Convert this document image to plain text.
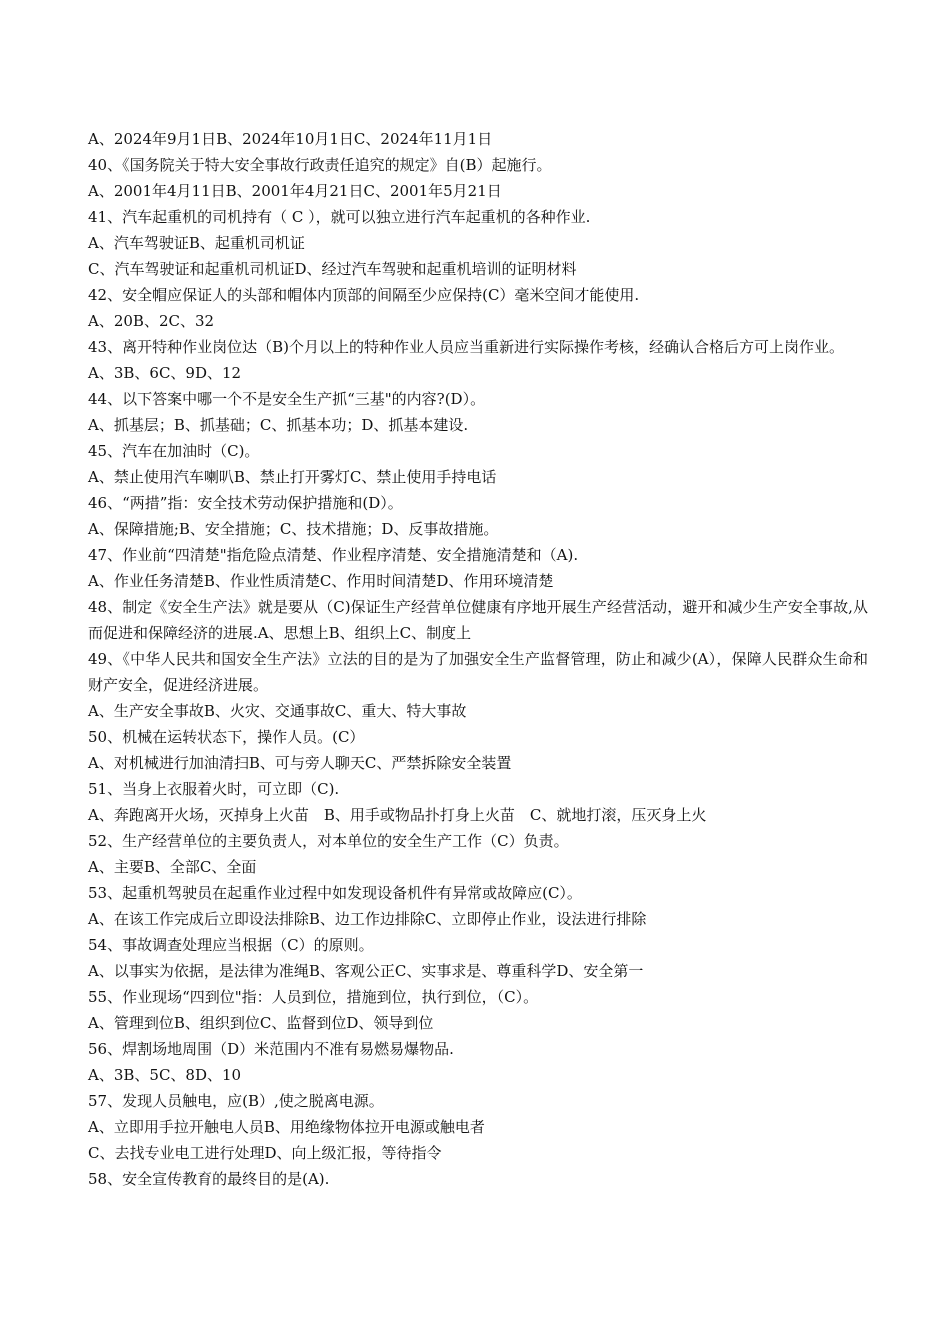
A、2024年9月1日B、2024年10月1日C、2024年11月1日

40、《国务院关于特大安全事故行政责任追究的规定》自(B）起施行。

A、2001年4月11日B、2001年4月21日C、2001年5月21日

41、汽车起重机的司机持有（ C ），就可以独立进行汽车起重机的各种作业.

A、汽车驾驶证B、起重机司机证

C、汽车驾驶证和起重机司机证D、经过汽车驾驶和起重机培训的证明材料

42、安全帽应保证人的头部和帽体内顶部的间隔至少应保持(C）毫米空间才能使用.

A、20B、2C、32

43、离开特种作业岗位达（B)个月以上的特种作业人员应当重新进行实际操作考核，经确认合格后方可上岗作业。

A、3B、6C、9D、12

44、以下答案中哪一个不是安全生产抓“三基"的内容?(D）。

A、抓基层；B、抓基础；C、抓基本功；D、抓基本建设.

45、汽车在加油时（C)。

A、禁止使用汽车喇叭B、禁止打开雾灯C、禁止使用手持电话

46、“两措”指：安全技术劳动保护措施和(D）。

A、保障措施;B、安全措施；C、技术措施；D、反事故措施。

47、作业前“四清楚"指危险点清楚、作业程序清楚、安全措施清楚和（A).

A、作业任务清楚B、作业性质清楚C、作用时间清楚D、作用环境清楚

48、制定《安全生产法》就是要从（C)保证生产经营单位健康有序地开展生产经营活动，避开和减少生产安全事故,从而促进和保障经济的进展.A、思想上B、组织上C、制度上

49、《中华人民共和国安全生产法》立法的目的是为了加强安全生产监督管理，防止和减少(A），保障人民群众生命和财产安全，促进经济进展。

A、生产安全事故B、火灾、交通事故C、重大、特大事故

50、机械在运转状态下，操作人员。(C）

A、对机械进行加油清扫B、可与旁人聊天C、严禁拆除安全装置

51、当身上衣服着火时，可立即（C).

A、奔跑离开火场，灭掉身上火苗　B、用手或物品扑打身上火苗　C、就地打滚，压灭身上火

52、生产经营单位的主要负责人，对本单位的安全生产工作（C）负责。

A、主要B、全部C、全面

53、起重机驾驶员在起重作业过程中如发现设备机件有异常或故障应(C）。

A、在该工作完成后立即设法排除B、边工作边排除C、立即停止作业，设法进行排除

54、事故调查处理应当根据（C）的原则。

A、以事实为依据，是法律为准绳B、客观公正C、实事求是、尊重科学D、安全第一

55、作业现场“四到位"指：人员到位，措施到位，执行到位，（C）。

A、管理到位B、组织到位C、监督到位D、领导到位

56、焊割场地周围（D）米范围内不准有易燃易爆物品.

A、3B、5C、8D、10

57、发现人员触电，应(B）,使之脱离电源。

A、立即用手拉开触电人员B、用绝缘物体拉开电源或触电者

C、去找专业电工进行处理D、向上级汇报，等待指令

58、安全宣传教育的最终目的是(A).
